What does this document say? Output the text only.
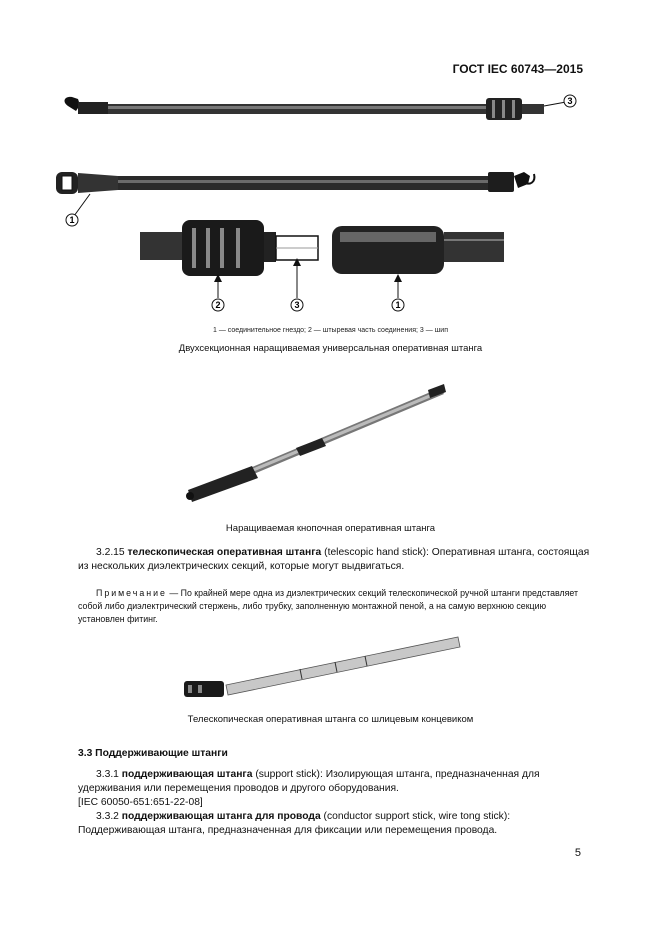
ГОСТ IEC 60743—2015
3
1
2	3	1
1 — соединительное гнездо; 2 — штыревая часть соединения; 3 — шип
Двухсекционная наращиваемая универсальная оперативная штанга
Наращиваемая кнопочная оперативная штанга
3.2.15 телескопическая оперативная штанга (telescopic hand stick): Оперативная штанга, состоящая из нескольких диэлектрических секций, которые могут выдвигаться.
Примечание — По крайней мере одна из диэлектрических секций телескопической ручной штанги представляет собой либо диэлектрический стержень, либо трубку, заполненную монтажной пеной, а на самую верхнюю секцию установлен фитинг.
Телескопическая оперативная штанга со шлицевым концевиком
3.3 Поддерживающие штанги
3.3.1 поддерживающая штанга (support stick): Изолирующая штанга, предназначенная для удерживания или перемещения проводов и другого оборудования.
[IEC 60050-651:651-22-08]
3.3.2 поддерживающая штанга для провода (conductor support stick, wire tong stick): Поддерживающая штанга, предназначенная для фиксации или перемещения провода.
5
